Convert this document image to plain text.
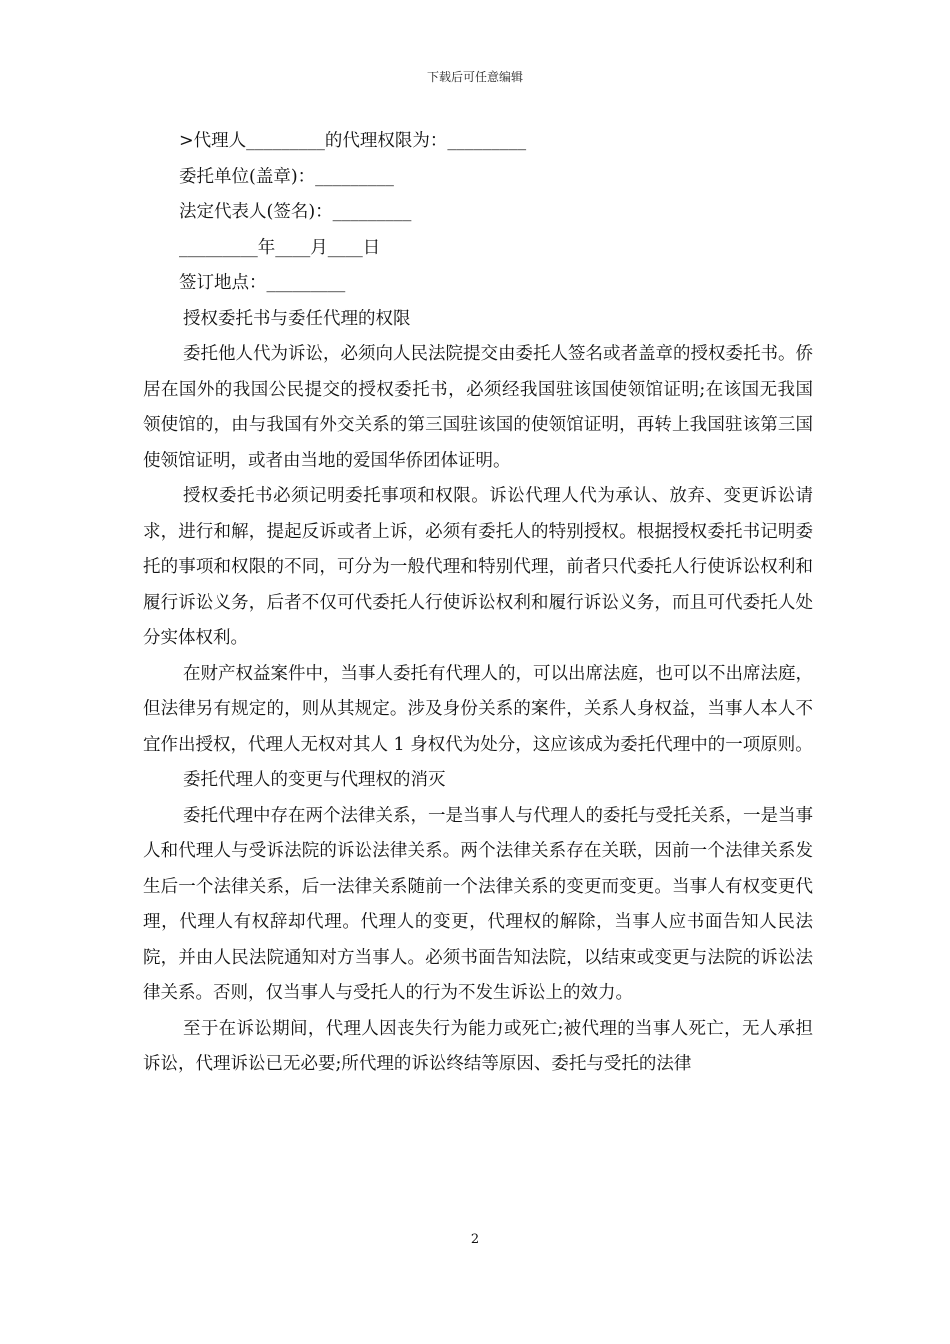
下载后可任意编辑

>代理人_________的代理权限为：_________

委托单位(盖章)：_________

法定代表人(签名)：_________

_________年____月____日

签订地点：_________

授权委托书与委任代理的权限

委托他人代为诉讼，必须向人民法院提交由委托人签名或者盖章的授权委托书。侨居在国外的我国公民提交的授权委托书，必须经我国驻该国使领馆证明;在该国无我国领使馆的，由与我国有外交关系的第三国驻该国的使领馆证明，再转上我国驻该第三国使领馆证明，或者由当地的爱国华侨团体证明。

授权委托书必须记明委托事项和权限。诉讼代理人代为承认、放弃、变更诉讼请求，进行和解，提起反诉或者上诉，必须有委托人的特别授权。根据授权委托书记明委托的事项和权限的不同，可分为一般代理和特别代理，前者只代委托人行使诉讼权利和履行诉讼义务，后者不仅可代委托人行使诉讼权利和履行诉讼义务，而且可代委托人处分实体权利。

在财产权益案件中，当事人委托有代理人的，可以出席法庭，也可以不出席法庭，但法律另有规定的，则从其规定。涉及身份关系的案件，关系人身权益，当事人本人不宜作出授权，代理人无权对其人 1 身权代为处分，这应该成为委托代理中的一项原则。

委托代理人的变更与代理权的消灭

委托代理中存在两个法律关系，一是当事人与代理人的委托与受托关系，一是当事人和代理人与受诉法院的诉讼法律关系。两个法律关系存在关联，因前一个法律关系发生后一个法律关系，后一法律关系随前一个法律关系的变更而变更。当事人有权变更代理，代理人有权辞却代理。代理人的变更，代理权的解除，当事人应书面告知人民法院，并由人民法院通知对方当事人。必须书面告知法院，以结束或变更与法院的诉讼法律关系。否则，仅当事人与受托人的行为不发生诉讼上的效力。

至于在诉讼期间，代理人因丧失行为能力或死亡;被代理的当事人死亡，无人承担诉讼，代理诉讼已无必要;所代理的诉讼终结等原因、委托与受托的法律

2
